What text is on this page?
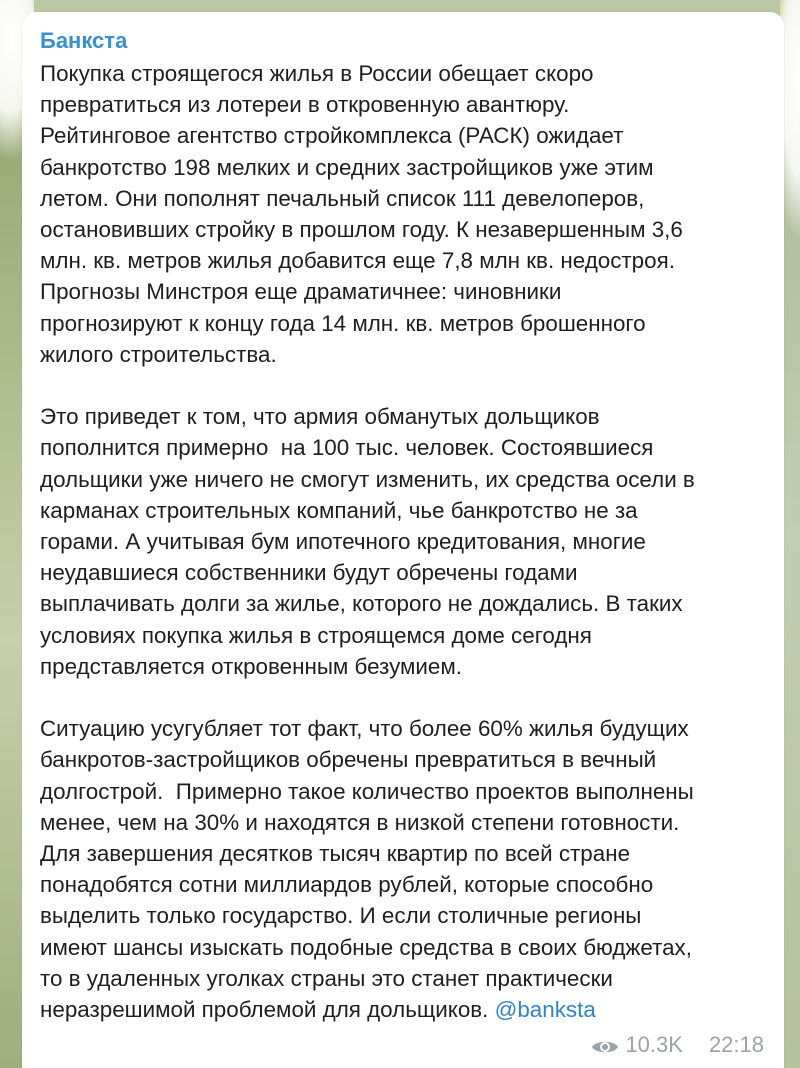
Банкста

Покупка строящегося жилья в России обещает скоро
превратиться из лотереи в откровенную авантюру.
Рейтинговое агентство стройкомплекса (РАСК) ожидает
банкротство 198 мелких и средних застройщиков уже этим
летом. Они пополнят печальный список 111 девелоперов,
остановивших стройку в прошлом году. К незавершенным 3,6
млн. кв. метров жилья добавится еще 7,8 млн кв. недостроя.
Прогнозы Минстроя еще драматичнее: чиновники
прогнозируют к концу года 14 млн. кв. метров брошенного
жилого строительства.

Это приведет к том, что армия обманутых дольщиков
пополнится примерно  на 100 тыс. человек. Состоявшиеся
дольщики уже ничего не смогут изменить, их средства осели в
карманах строительных компаний, чье банкротство не за
горами. А учитывая бум ипотечного кредитования, многие
неудавшиеся собственники будут обречены годами
выплачивать долги за жилье, которого не дождались. В таких
условиях покупка жилья в строящемся доме сегодня
представляется откровенным безумием.

Ситуацию усугубляет тот факт, что более 60% жилья будущих
банкротов-застройщиков обречены превратиться в вечный
долгострой.  Примерно такое количество проектов выполнены
менее, чем на 30% и находятся в низкой степени готовности.
Для завершения десятков тысяч квартир по всей стране
понадобятся сотни миллиардов рублей, которые способно
выделить только государство. И если столичные регионы
имеют шансы изыскать подобные средства в своих бюджетах,
то в удаленных уголках страны это станет практически
неразрешимой проблемой для дольщиков. @banksta

10.3K 22:18
